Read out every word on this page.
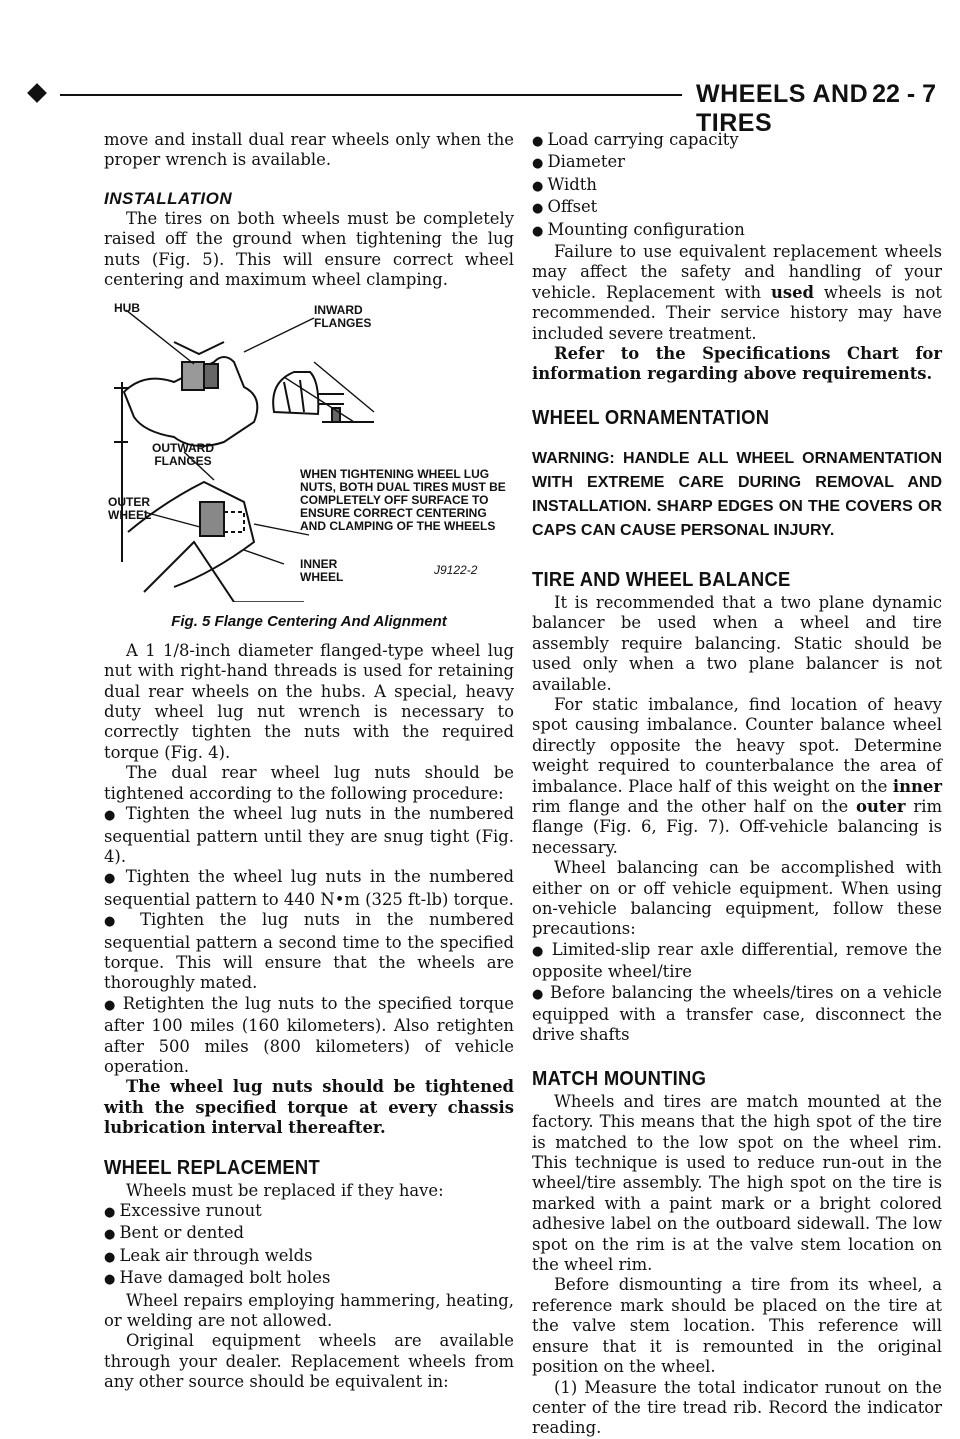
WHEELS AND TIRES
22 - 7

move and install dual rear wheels only when the proper wrench is available.

INSTALLATION

The tires on both wheels must be completely raised off the ground when tightening the lug nuts (Fig. 5). This will ensure correct wheel centering and maximum wheel clamping.

HUB	INWARD FLANGES
OUTWARD FLANGES
OUTER WHEEL
WHEN TIGHTENING WHEEL LUG NUTS, BOTH DUAL TIRES MUST BE COMPLETELY OFF SURFACE TO ENSURE CORRECT CENTERING AND CLAMPING OF THE WHEELS
INNER WHEEL	J9122-2
Fig. 5 Flange Centering And Alignment

A 1 1/8-inch diameter flanged-type wheel lug nut with right-hand threads is used for retaining dual rear wheels on the hubs. A special, heavy duty wheel lug nut wrench is necessary to correctly tighten the nuts with the required torque (Fig. 4).

The dual rear wheel lug nuts should be tightened according to the following procedure:

● Tighten the wheel lug nuts in the numbered sequential pattern until they are snug tight (Fig. 4).

● Tighten the wheel lug nuts in the numbered sequential pattern to 440 N•m (325 ft-lb) torque.

● Tighten the lug nuts in the numbered sequential pattern a second time to the specified torque. This will ensure that the wheels are thoroughly mated.

● Retighten the lug nuts to the specified torque after 100 miles (160 kilometers). Also retighten after 500 miles (800 kilometers) of vehicle operation.

The wheel lug nuts should be tightened with the specified torque at every chassis lubrication interval thereafter.

WHEEL REPLACEMENT

Wheels must be replaced if they have:

● Excessive runout

● Bent or dented

● Leak air through welds

● Have damaged bolt holes

Wheel repairs employing hammering, heating, or welding are not allowed.

Original equipment wheels are available through your dealer. Replacement wheels from any other source should be equivalent in:

● Load carrying capacity

● Diameter

● Width

● Offset

● Mounting configuration

Failure to use equivalent replacement wheels may affect the safety and handling of your vehicle. Replacement with used wheels is not recommended. Their service history may have included severe treatment.

Refer to the Specifications Chart for information regarding above requirements.

WHEEL ORNAMENTATION

WARNING: HANDLE ALL WHEEL ORNAMENTATION WITH EXTREME CARE DURING REMOVAL AND INSTALLATION. SHARP EDGES ON THE COVERS OR CAPS CAN CAUSE PERSONAL INJURY.

TIRE AND WHEEL BALANCE

It is recommended that a two plane dynamic balancer be used when a wheel and tire assembly require balancing. Static should be used only when a two plane balancer is not available.

For static imbalance, find location of heavy spot causing imbalance. Counter balance wheel directly opposite the heavy spot. Determine weight required to counterbalance the area of imbalance. Place half of this weight on the inner rim flange and the other half on the outer rim flange (Fig. 6, Fig. 7). Off-vehicle balancing is necessary.

Wheel balancing can be accomplished with either on or off vehicle equipment. When using on-vehicle balancing equipment, follow these precautions:

● Limited-slip rear axle differential, remove the opposite wheel/tire

● Before balancing the wheels/tires on a vehicle equipped with a transfer case, disconnect the drive shafts

MATCH MOUNTING

Wheels and tires are match mounted at the factory. This means that the high spot of the tire is matched to the low spot on the wheel rim. This technique is used to reduce run-out in the wheel/tire assembly. The high spot on the tire is marked with a paint mark or a bright colored adhesive label on the outboard sidewall. The low spot on the rim is at the valve stem location on the wheel rim.

Before dismounting a tire from its wheel, a reference mark should be placed on the tire at the valve stem location. This reference will ensure that it is remounted in the original position on the wheel.

(1) Measure the total indicator runout on the center of the tire tread rib. Record the indicator reading.
